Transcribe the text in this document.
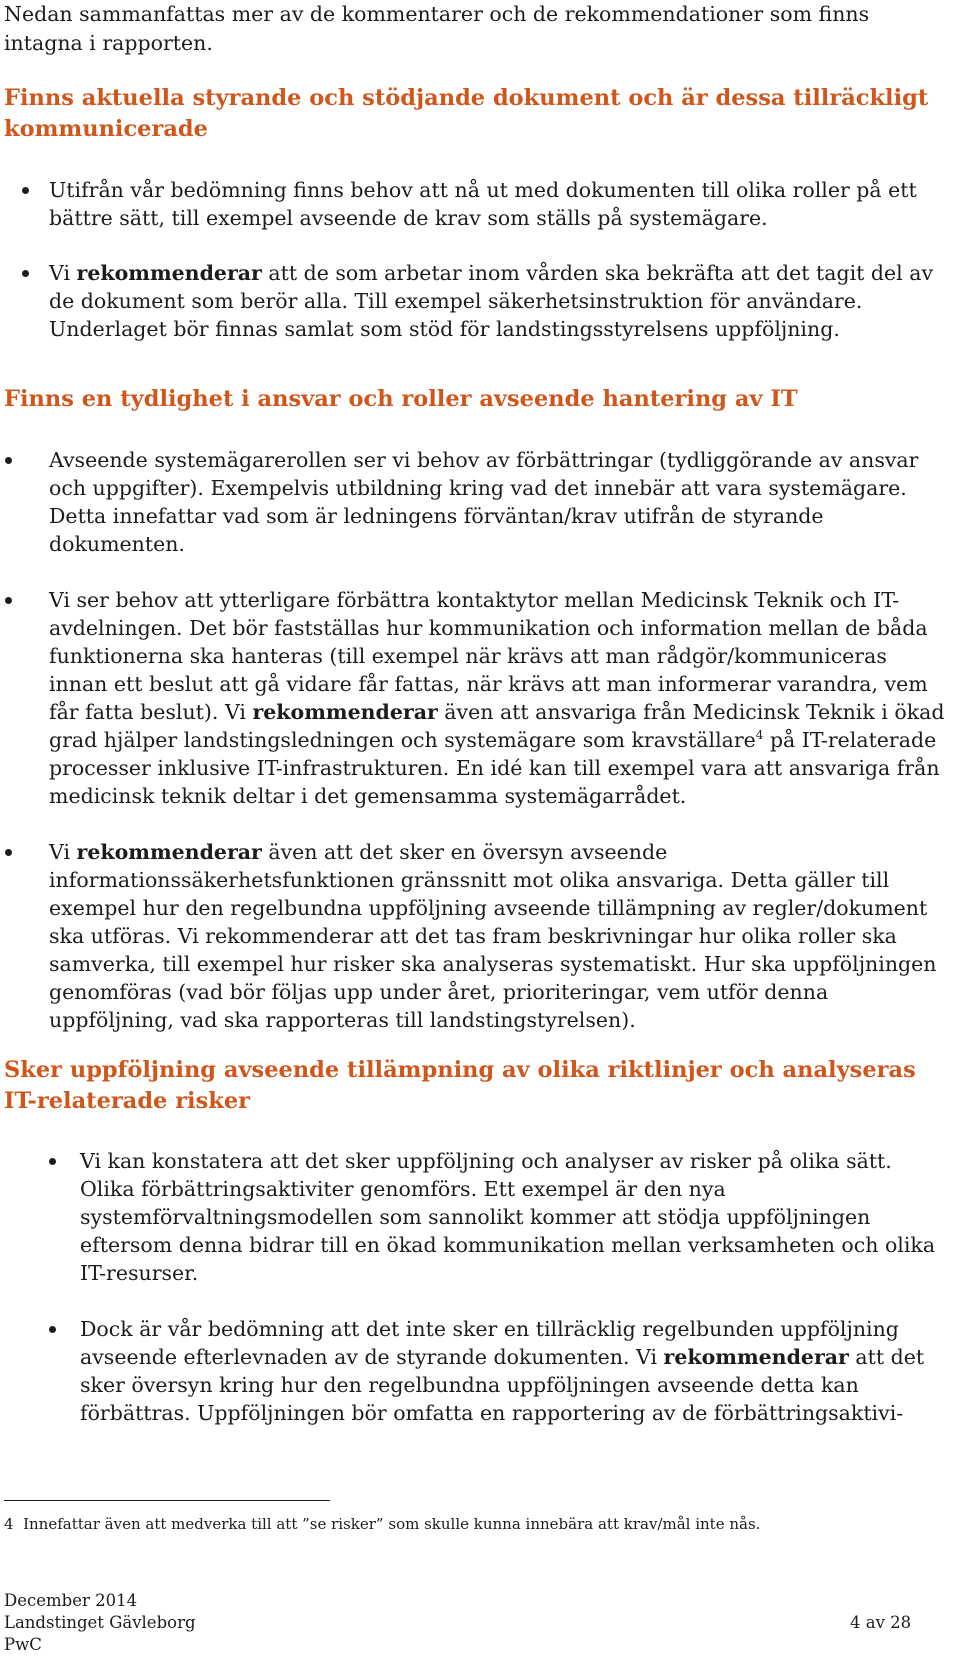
Nedan sammanfattas mer av de kommentarer och de rekommendationer som finns intagna i rapporten.

Finns aktuella styrande och stödjande dokument och är dessa tillräckligt kommunicerade
Utifrån vår bedömning finns behov att nå ut med dokumenten till olika roller på ett bättre sätt, till exempel avseende de krav som ställs på systemägare.
Vi rekommenderar att de som arbetar inom vården ska bekräfta att det tagit del av de dokument som berör alla. Till exempel säkerhetsinstruktion för användare. Underlaget bör finnas samlat som stöd för landstingsstyrelsens uppföljning.
Finns en tydlighet i ansvar och roller avseende hantering av IT
Avseende systemägarerollen ser vi behov av förbättringar (tydliggörande av ansvar och uppgifter). Exempelvis utbildning kring vad det innebär att vara systemägare. Detta innefattar vad som är ledningens förväntan/krav utifrån de styrande dokumenten.
Vi ser behov att ytterligare förbättra kontaktytor mellan Medicinsk Teknik och IT-avdelningen. Det bör fastställas hur kommunikation och information mellan de båda funktionerna ska hanteras (till exempel när krävs att man rådgör/kommuniceras innan ett beslut att gå vidare får fattas, när krävs att man informerar varandra, vem får fatta beslut). Vi rekommenderar även att ansvariga från Medicinsk Teknik i ökad grad hjälper landstingsledningen och systemägare som kravställare$^4$ på IT-relaterade processer inklusive IT-infrastrukturen. En idé kan till exempel vara att ansvariga från medicinsk teknik deltar i det gemensamma systemägarrådet.
Vi rekommenderar även att det sker en översyn avseende informationssäkerhetsfunktionen gränssnitt mot olika ansvariga. Detta gäller till exempel hur den regelbundna uppföljning avseende tillämpning av regler/dokument ska utföras. Vi rekommenderar att det tas fram beskrivningar hur olika roller ska samverka, till exempel hur risker ska analyseras systematiskt. Hur ska uppföljningen genomföras (vad bör följas upp under året, prioriteringar, vem utför denna uppföljning, vad ska rapporteras till landstingstyrelsen).
Sker uppföljning avseende tillämpning av olika riktlinjer och analyseras IT-relaterade risker
Vi kan konstatera att det sker uppföljning och analyser av risker på olika sätt. Olika förbättringsaktiviter genomförs. Ett exempel är den nya systemförvaltningsmodellen som sannolikt kommer att stödja uppföljningen eftersom denna bidrar till en ökad kommunikation mellan verksamheten och olika IT-resurser.
Dock är vår bedömning att det inte sker en tillräcklig regelbunden uppföljning avseende efterlevnaden av de styrande dokumenten. Vi rekommenderar att det sker översyn kring hur den regelbundna uppföljningen avseende detta kan förbättras. Uppföljningen bör omfatta en rapportering av de förbättringsaktivi-

4 Innefattar även att medverka till att ”se risker” som skulle kunna innebära att krav/mål inte nås.

December 2014
Landstinget Gävleborg
PwC
4 av 28
